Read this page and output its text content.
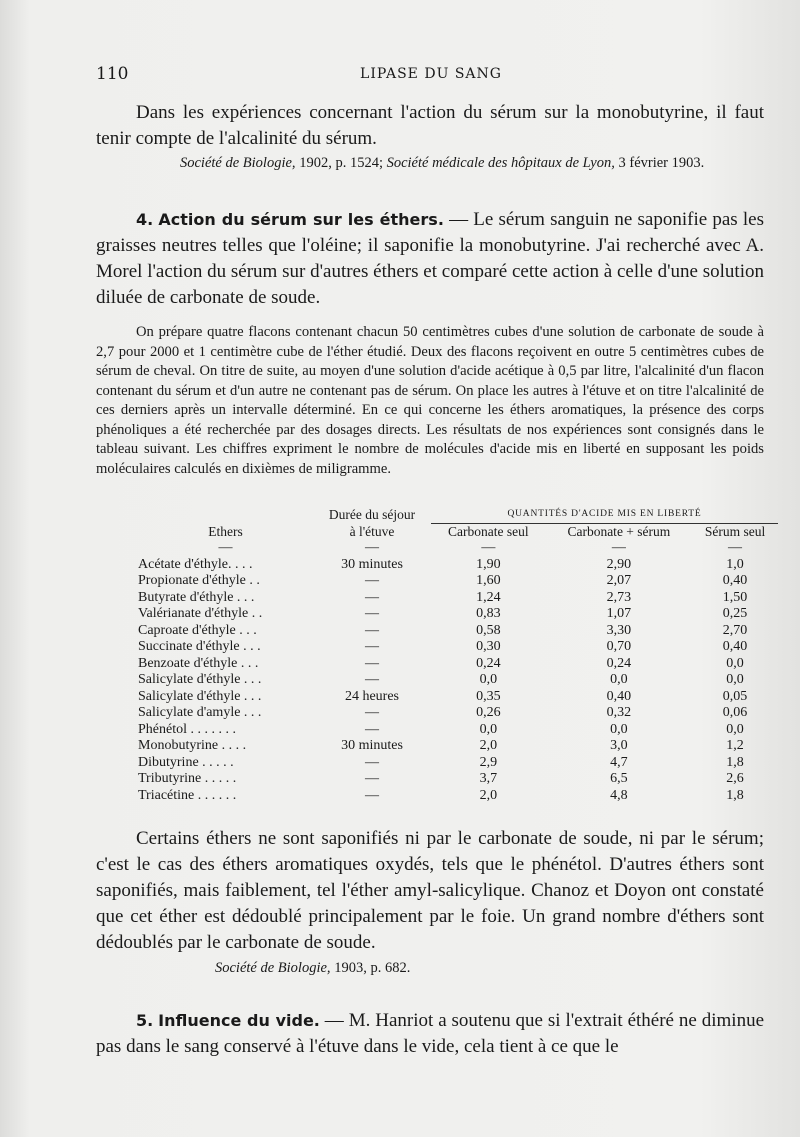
110	LIPASE DU SANG

Dans les expériences concernant l'action du sérum sur la monobutyrine, il faut tenir compte de l'alcalinité du sérum.

Société de Biologie, 1902, p. 1524; Société médicale des hôpitaux de Lyon, 3 février 1903.

4. Action du sérum sur les éthers. — Le sérum sanguin ne saponifie pas les graisses neutres telles que l'oléine; il saponifie la monobutyrine. J'ai recherché avec A. Morel l'action du sérum sur d'autres éthers et comparé cette action à celle d'une solution diluée de carbonate de soude.

On prépare quatre flacons contenant chacun 50 centimètres cubes d'une solution de carbonate de soude à 2,7 pour 2000 et 1 centimètre cube de l'éther étudié. Deux des flacons reçoivent en outre 5 centimètres cubes de sérum de cheval. On titre de suite, au moyen d'une solution d'acide acétique à 0,5 par litre, l'alcalinité d'un flacon contenant du sérum et d'un autre ne contenant pas de sérum. On place les autres à l'étuve et on titre l'alcalinité de ces derniers après un intervalle déterminé. En ce qui concerne les éthers aromatiques, la présence des corps phénoliques a été recherchée par des dosages directs. Les résultats de nos expériences sont consignés dans le tableau suivant. Les chiffres expriment le nombre de molécules d'acide mis en liberté en supposant les poids moléculaires calculés en dixièmes de miligramme.

Ethers	Durée du séjour
à l'étuve	QUANTITÉS D'ACIDE MIS EN LIBERTÉ		
		Carbonate seul	Carbonate + sérum	Sérum seul
—	—	—	—	—
Acétate d'éthyle. . . .	30 minutes	1,90	2,90	1,0
Propionate d'éthyle . .	—	1,60	2,07	0,40
Butyrate d'éthyle . . .	—	1,24	2,73	1,50
Valérianate d'éthyle . .	—	0,83	1,07	0,25
Caproate d'éthyle . . .	—	0,58	3,30	2,70
Succinate d'éthyle . . .	—	0,30	0,70	0,40
Benzoate d'éthyle . . .	—	0,24	0,24	0,0
Salicylate d'éthyle . . .	—	0,0	0,0	0,0
Salicylate d'éthyle . . .	24 heures	0,35	0,40	0,05
Salicylate d'amyle . . .	—	0,26	0,32	0,06
Phénétol . . . . . . .	—	0,0	0,0	0,0
Monobutyrine . . . .	30 minutes	2,0	3,0	1,2
Dibutyrine . . . . .	—	2,9	4,7	1,8
Tributyrine . . . . .	—	3,7	6,5	2,6
Triacétine . . . . . .	—	2,0	4,8	1,8

Certains éthers ne sont saponifiés ni par le carbonate de soude, ni par le sérum; c'est le cas des éthers aromatiques oxydés, tels que le phénétol. D'autres éthers sont saponifiés, mais faiblement, tel l'éther amyl-salicylique. Chanoz et Doyon ont constaté que cet éther est dédoublé principalement par le foie. Un grand nombre d'éthers sont dédoublés par le carbonate de soude.

Société de Biologie, 1903, p. 682.

5. Influence du vide. — M. Hanriot a soutenu que si l'extrait éthéré ne diminue pas dans le sang conservé à l'étuve dans le vide, cela tient à ce que le
